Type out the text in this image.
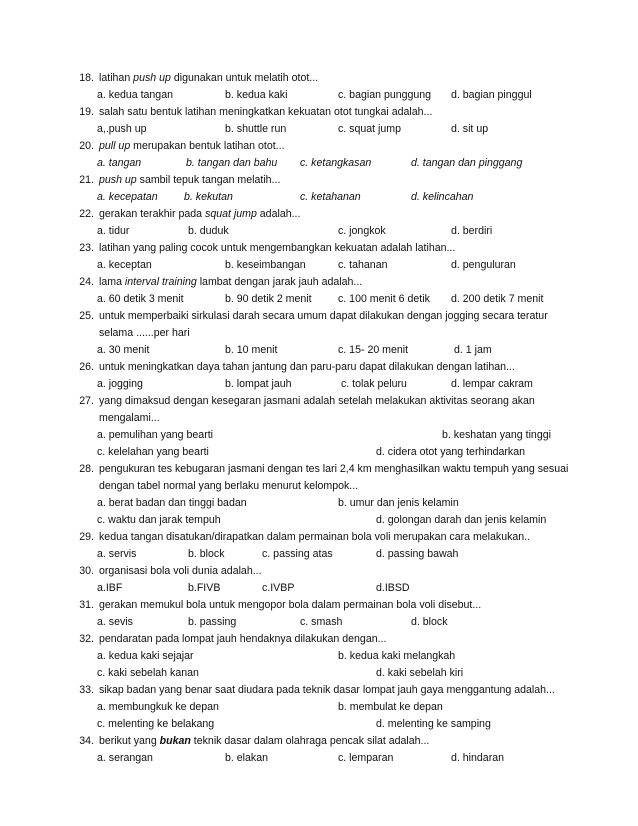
18. latihan push up digunakan untuk melatih otot...
a. kedua tangan	b. kedua kaki	c. bagian punggung d. bagian pinggul
19. salah satu bentuk latihan meningkatkan kekuatan otot tungkai adalah...
a,.push up	b. shuttle run	c. squat jump	d. sit up
20. pull up merupakan bentuk latihan otot...
a. tangan	b. tangan dan bahu c. ketangkasan	d. tangan dan pinggang
21. push up sambil tepuk tangan melatih...
a. kecepatan b. kekutan	c. ketahanan	d. kelincahan
22. gerakan terakhir pada squat jump adalah...
a. tidur	b. duduk	c. jongkok	d. berdiri
23. latihan yang paling cocok untuk mengembangkan kekuatan adalah latihan...
a. keceptan	b. keseimbangan	c. tahanan	d. penguluran
24. lama interval training lambat dengan jarak jauh adalah...
a. 60 detik 3 menit	b. 90 detik 2 menit c. 100 menit 6 detik d. 200 detik 7 menit
25. untuk memperbaiki sirkulasi darah secara umum dapat dilakukan dengan jogging secara teratur
selama ......per hari
a. 30 menit	b. 10 menit	c. 15- 20 menit	d. 1 jam
26. untuk meningkatkan daya tahan jantung dan paru-paru dapat dilakukan dengan latihan...
a. jogging	b. lompat jauh	c. tolak peluru	d. lempar cakram
27. yang dimaksud dengan kesegaran jasmani adalah setelah melakukan aktivitas seorang akan
mengalami...
a. pemulihan yang bearti	b. keshatan yang tinggi
c. kelelahan yang bearti	d. cidera otot yang terhindarkan
28. pengukuran tes kebugaran jasmani dengan tes lari 2,4 km menghasilkan waktu tempuh yang sesuai
dengan tabel normal yang berlaku menurut kelompok...
a. berat badan dan tinggi badan	b. umur dan jenis kelamin
c. waktu dan jarak tempuh	d. golongan darah dan jenis kelamin
29. kedua tangan disatukan/dirapatkan dalam permainan bola voli merupakan cara melakukan..
a. servis	b. block	c. passing atas	d. passing bawah
30. organisasi bola voli dunia adalah...
a.IBF	b.FIVB	c.IVBP	d.IBSD
31. gerakan memukul bola untuk mengopor bola dalam permainan bola voli disebut...
a. sevis	b. passing	c. smash	d. block
32. pendaratan pada lompat jauh hendaknya dilakukan dengan...
a. kedua kaki sejajar	b. kedua kaki melangkah
c. kaki sebelah kanan	d. kaki sebelah kiri
33. sikap badan yang benar saat diudara pada teknik dasar lompat jauh gaya menggantung adalah...
a. membungkuk ke depan	b. membulat ke depan
c. melenting ke belakang	d. melenting ke samping
34. berikut yang bukan teknik dasar dalam olahraga pencak silat adalah...
a. serangan	b. elakan	c. lemparan	d. hindaran
